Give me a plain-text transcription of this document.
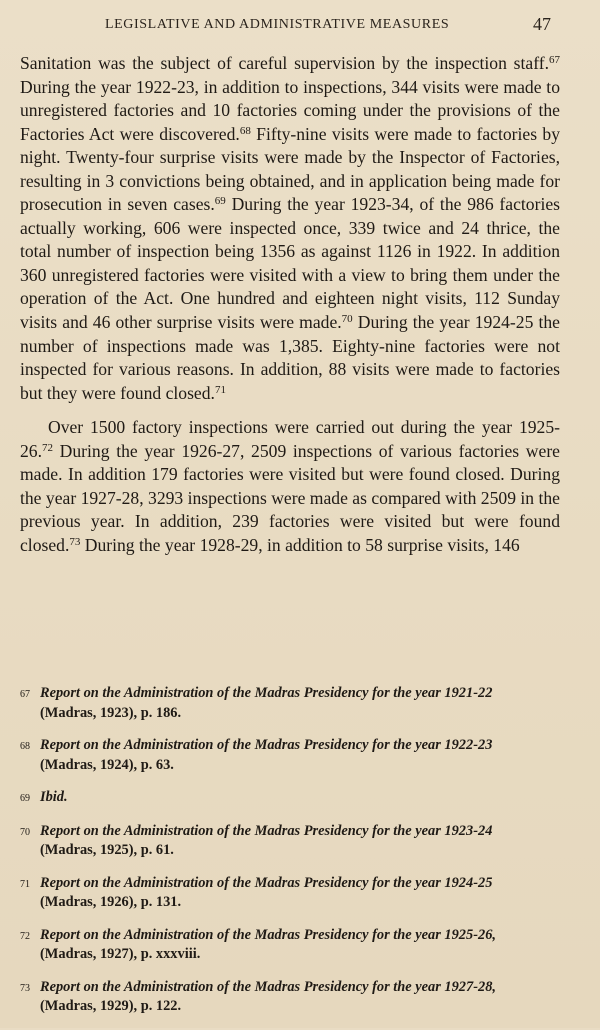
LEGISLATIVE AND ADMINISTRATIVE MEASURES	47

Sanitation was the subject of careful supervision by the inspection staff.$^{67}$ During the year 1922-23, in addition to inspections, 344 visits were made to unregistered factories and 10 factories coming under the provisions of the Factories Act were discovered.$^{68}$ Fifty-nine visits were made to factories by night. Twenty-four surprise visits were made by the Inspector of Factories, resulting in 3 convictions being obtained, and in application being made for prosecution in seven cases.$^{69}$ During the year 1923-34, of the 986 factories actually working, 606 were inspected once, 339 twice and 24 thrice, the total number of inspection being 1356 as against 1126 in 1922. In addition 360 unregistered factories were visited with a view to bring them under the operation of the Act. One hundred and eighteen night visits, 112 Sunday visits and 46 other surprise visits were made.$^{70}$ During the year 1924-25 the number of inspections made was 1,385. Eighty-nine factories were not inspected for various reasons. In addition, 88 visits were made to factories but they were found closed.$^{71}$

Over 1500 factory inspections were carried out during the year 1925-26.72 During the year 1926-27, 2509 inspections of various factories were made. In addition 179 factories were visited but were found closed. During the year 1927-28, 3293 inspections were made as compared with 2509 in the previous year. In addition, 239 factories were visited but were found closed.$^{73}$ During the year 1928-29, in addition to 58 surprise visits, 146

67 Report on the Administration of the Madras Presidency for the year 1921-22
(Madras, 1923), p. 186.
68 Report on the Administration of the Madras Presidency for the year 1922-23
(Madras, 1924), p. 63.
69 Ibid.
70 Report on the Administration of the Madras Presidency for the year 1923-24
(Madras, 1925), p. 61.
71 Report on the Administration of the Madras Presidency for the year 1924-25
(Madras, 1926), p. 131.
72 Report on the Administration of the Madras Presidency for the year 1925-26,
(Madras, 1927), p. xxxviii.
73 Report on the Administration of the Madras Presidency for the year 1927-28,
(Madras, 1929), p. 122.
